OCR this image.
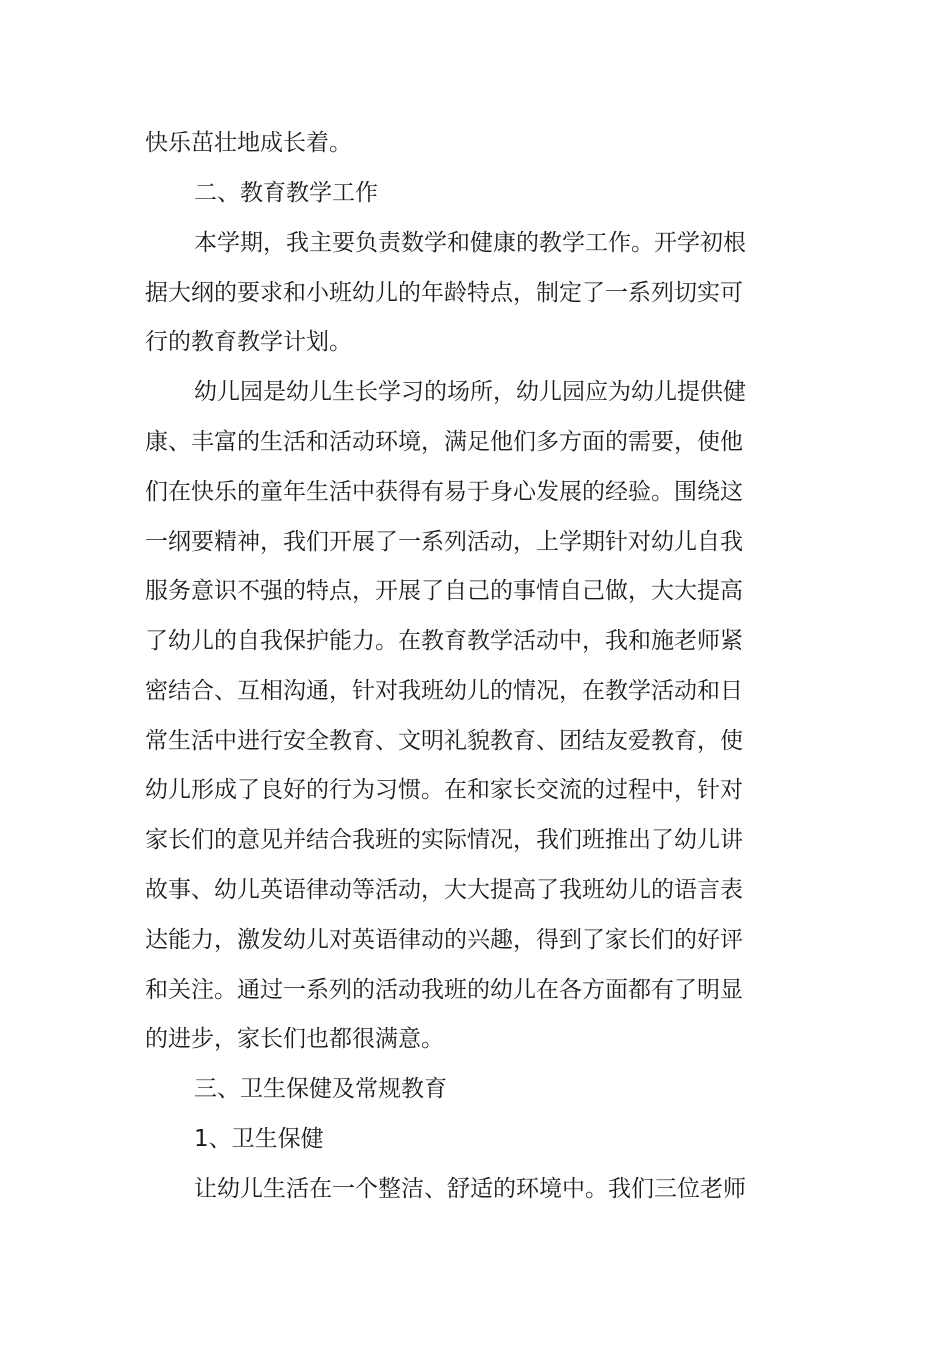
快乐茁壮地成长着。

二、教育教学工作

本学期，我主要负责数学和健康的教学工作。开学初根

据大纲的要求和小班幼儿的年龄特点，制定了一系列切实可

行的教育教学计划。

幼儿园是幼儿生长学习的场所，幼儿园应为幼儿提供健

康、丰富的生活和活动环境，满足他们多方面的需要，使他

们在快乐的童年生活中获得有易于身心发展的经验。围绕这

一纲要精神，我们开展了一系列活动，上学期针对幼儿自我

服务意识不强的特点，开展了自己的事情自己做，大大提高

了幼儿的自我保护能力。在教育教学活动中，我和施老师紧

密结合、互相沟通，针对我班幼儿的情况，在教学活动和日

常生活中进行安全教育、文明礼貌教育、团结友爱教育，使

幼儿形成了良好的行为习惯。在和家长交流的过程中，针对

家长们的意见并结合我班的实际情况，我们班推出了幼儿讲

故事、幼儿英语律动等活动，大大提高了我班幼儿的语言表

达能力，激发幼儿对英语律动的兴趣，得到了家长们的好评

和关注。通过一系列的活动我班的幼儿在各方面都有了明显

的进步，家长们也都很满意。

三、卫生保健及常规教育

1、卫生保健

让幼儿生活在一个整洁、舒适的环境中。我们三位老师
